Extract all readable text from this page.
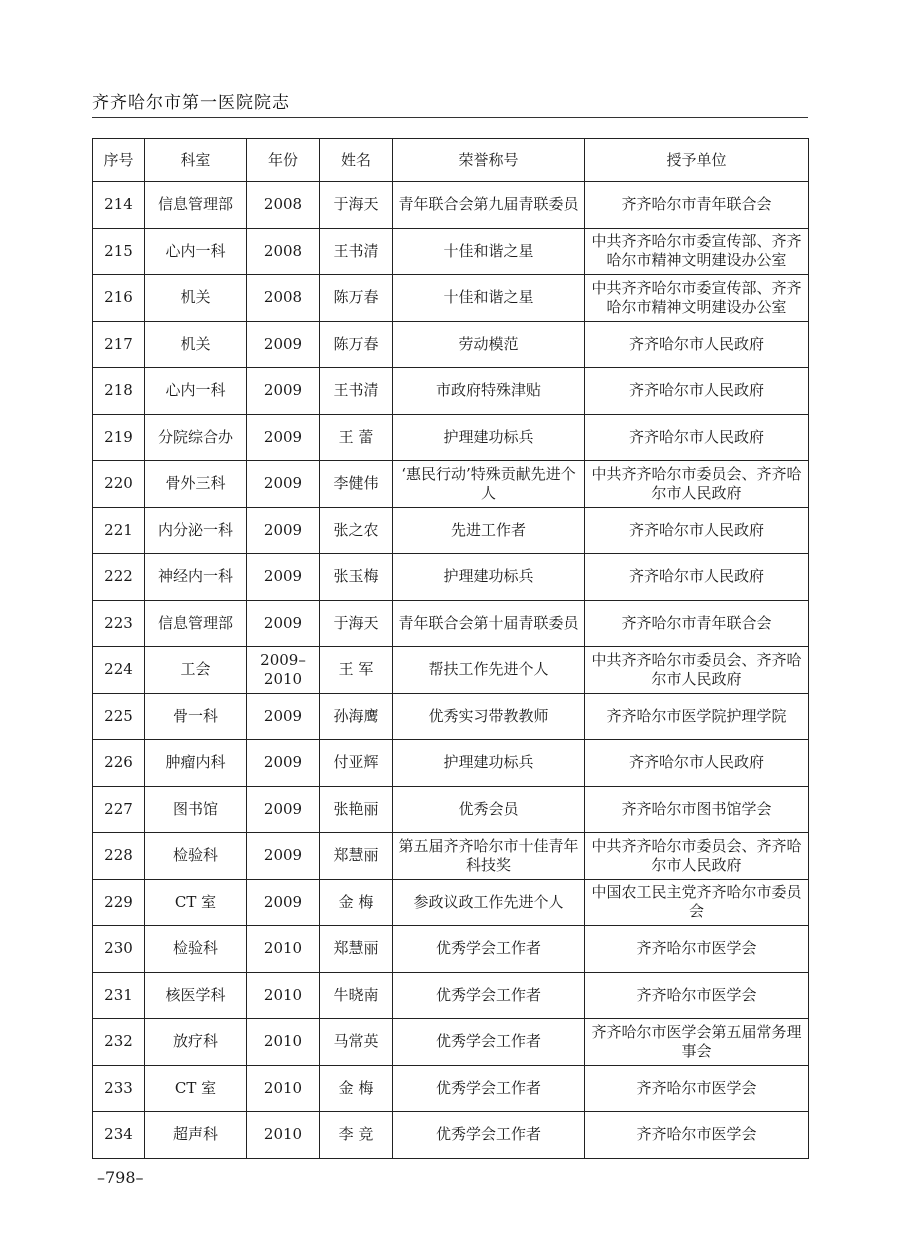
齐齐哈尔市第一医院院志
序号	科室	年份	姓名	荣誉称号	授予单位
214	信息管理部	2008	于海天	青年联合会第九届青联委员	齐齐哈尔市青年联合会
215	心内一科	2008	王书清	十佳和谐之星	中共齐齐哈尔市委宣传部、齐齐哈尔市精神文明建设办公室
216	机关	2008	陈万春	十佳和谐之星	中共齐齐哈尔市委宣传部、齐齐哈尔市精神文明建设办公室
217	机关	2009	陈万春	劳动模范	齐齐哈尔市人民政府
218	心内一科	2009	王书清	市政府特殊津贴	齐齐哈尔市人民政府
219	分院综合办	2009	王 蕾	护理建功标兵	齐齐哈尔市人民政府
220	骨外三科	2009	李健伟	‘惠民行动’特殊贡献先进个人	中共齐齐哈尔市委员会、齐齐哈尔市人民政府
221	内分泌一科	2009	张之农	先进工作者	齐齐哈尔市人民政府
222	神经内一科	2009	张玉梅	护理建功标兵	齐齐哈尔市人民政府
223	信息管理部	2009	于海天	青年联合会第十届青联委员	齐齐哈尔市青年联合会
224	工会	2009–2010	王 军	帮扶工作先进个人	中共齐齐哈尔市委员会、齐齐哈尔市人民政府
225	骨一科	2009	孙海鹰	优秀实习带教教师	齐齐哈尔市医学院护理学院
226	肿瘤内科	2009	付亚辉	护理建功标兵	齐齐哈尔市人民政府
227	图书馆	2009	张艳丽	优秀会员	齐齐哈尔市图书馆学会
228	检验科	2009	郑慧丽	第五届齐齐哈尔市十佳青年科技奖	中共齐齐哈尔市委员会、齐齐哈尔市人民政府
229	CT 室	2009	金 梅	参政议政工作先进个人	中国农工民主党齐齐哈尔市委员会
230	检验科	2010	郑慧丽	优秀学会工作者	齐齐哈尔市医学会
231	核医学科	2010	牛晓南	优秀学会工作者	齐齐哈尔市医学会
232	放疗科	2010	马常英	优秀学会工作者	齐齐哈尔市医学会第五届常务理事会
233	CT 室	2010	金 梅	优秀学会工作者	齐齐哈尔市医学会
234	超声科	2010	李 竞	优秀学会工作者	齐齐哈尔市医学会
–798–
